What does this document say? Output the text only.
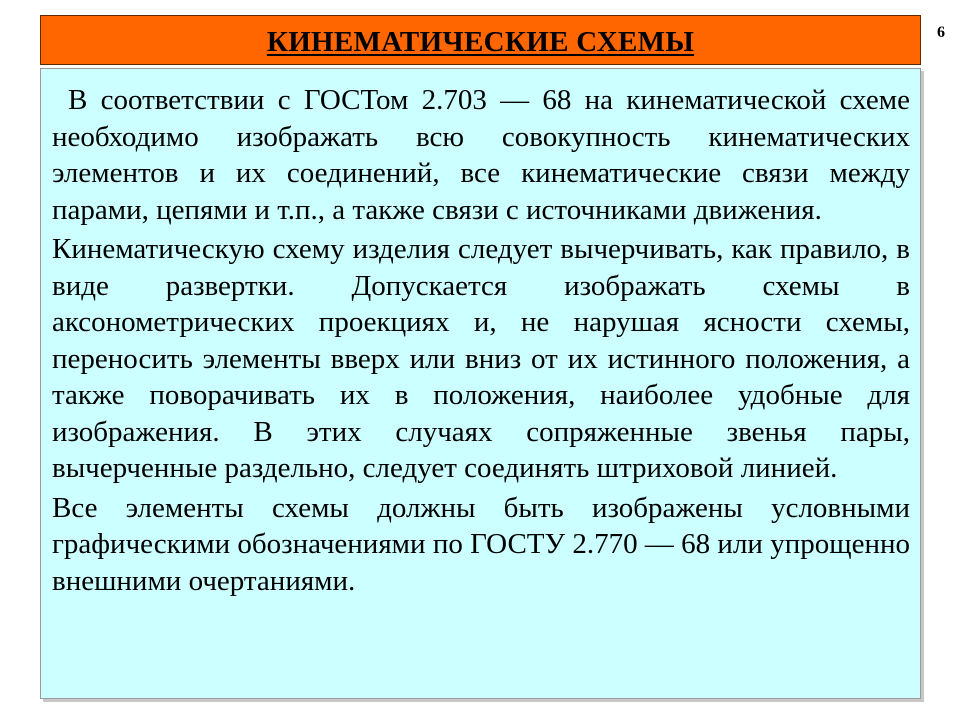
КИНЕМАТИЧЕСКИЕ СХЕМЫ	6

В соответствии с ГОСТом 2.703 — 68 на кинематической схеме необходимо изображать всю совокупность кинематических элементов и их соединений, все кинематические связи между парами, цепями и т.п., а также связи с источниками движения.

Кинематическую схему изделия следует вычерчивать, как правило, в виде развертки. Допускается изображать схемы в аксонометрических проекциях и, не нарушая ясности схемы, переносить элементы вверх или вниз от их истинного положения, а также поворачивать их в положения, наиболее удобные для изображения. В этих случаях сопряженные звенья пары, вычерченные раздельно, следует соединять штриховой линией.

Все элементы схемы должны быть изображены условными графическими обозначениями по ГОСТУ 2.770 — 68 или упрощенно внешними очертаниями.
